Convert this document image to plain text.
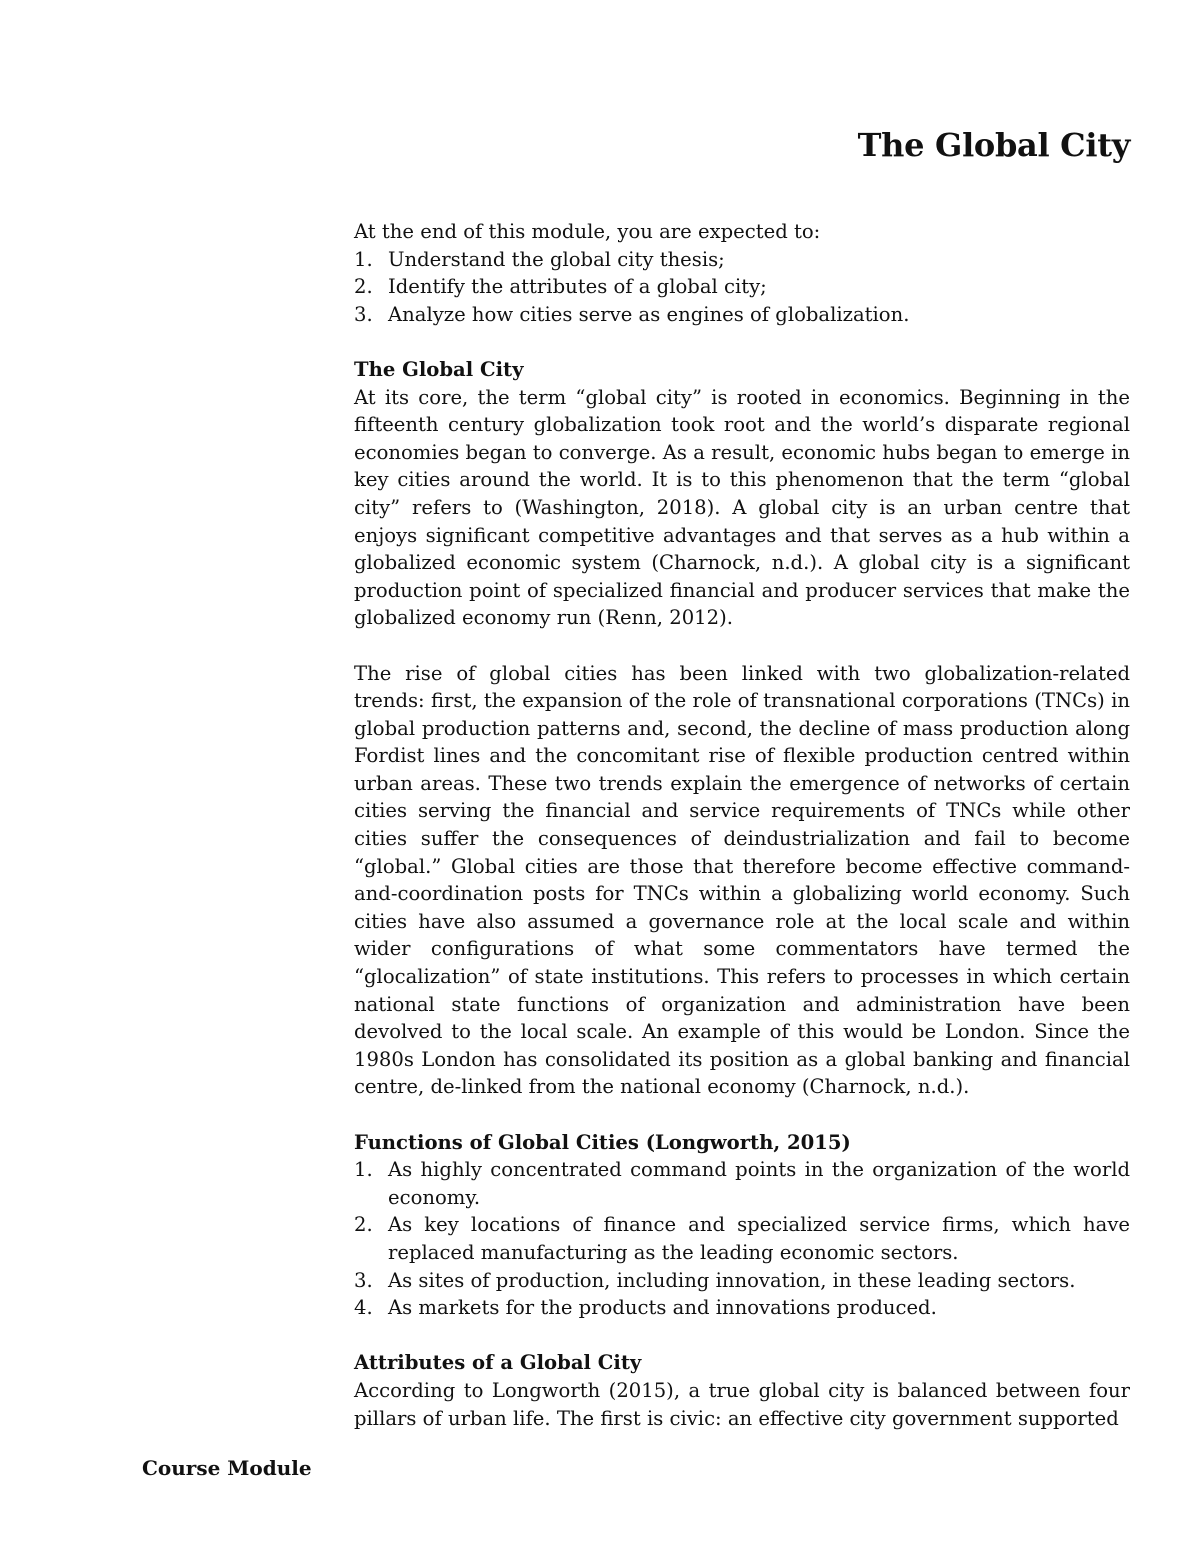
The Global City

At the end of this module, you are expected to:

1. Understand the global city thesis;
2. Identify the attributes of a global city;
3. Analyze how cities serve as engines of globalization.
The Global City

At its core, the term “global city” is rooted in economics. Beginning in the fifteenth century globalization took root and the world’s disparate regional economies began to converge. As a result, economic hubs began to emerge in key cities around the world. It is to this phenomenon that the term “global city” refers to (Washington, 2018). A global city is an urban centre that enjoys significant competitive advantages and that serves as a hub within a globalized economic system (Charnock, n.d.). A global city is a significant production point of specialized financial and producer services that make the globalized economy run (Renn, 2012).

The rise of global cities has been linked with two globalization-related trends: first, the expansion of the role of transnational corporations (TNCs) in global production patterns and, second, the decline of mass production along Fordist lines and the concomitant rise of flexible production centred within urban areas. These two trends explain the emergence of networks of certain cities serving the financial and service requirements of TNCs while other cities suffer the consequences of deindustrialization and fail to become “global.” Global cities are those that therefore become effective command-and-coordination posts for TNCs within a globalizing world economy. Such cities have also assumed a governance role at the local scale and within wider configurations of what some commentators have termed the “glocalization” of state institutions. This refers to processes in which certain national state functions of organization and administration have been devolved to the local scale. An example of this would be London. Since the 1980s London has consolidated its position as a global banking and financial centre, de-linked from the national economy (Charnock, n.d.).

Functions of Global Cities (Longworth, 2015)
1. As highly concentrated command points in the organization of the world economy.
2. As key locations of finance and specialized service firms, which have replaced manufacturing as the leading economic sectors.
3. As sites of production, including innovation, in these leading sectors.
4. As markets for the products and innovations produced.
Attributes of a Global City

According to Longworth (2015), a true global city is balanced between four pillars of urban life. The first is civic: an effective city government supported

Course Module
